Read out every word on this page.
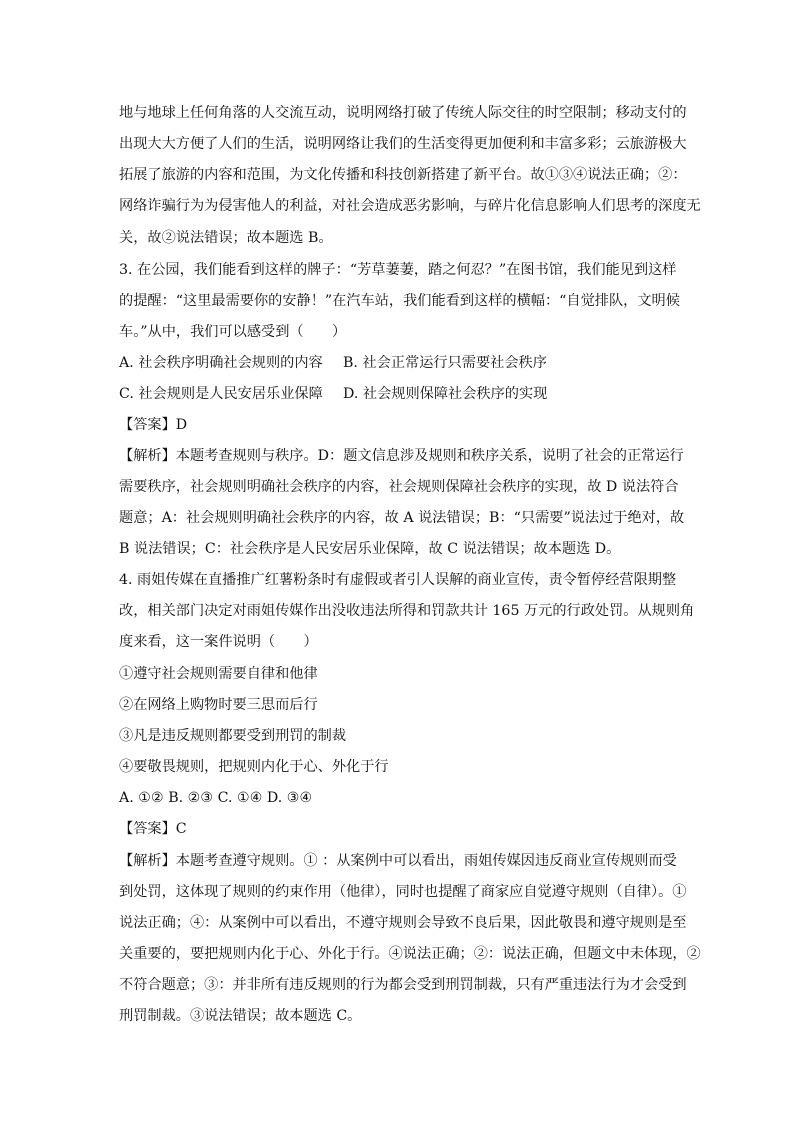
地与地球上任何角落的人交流互动，说明网络打破了传统人际交往的时空限制；移动支付的
出现大大方便了人们的生活，说明网络让我们的生活变得更加便利和丰富多彩；云旅游极大
拓展了旅游的内容和范围，为文化传播和科技创新搭建了新平台。故①③④说法正确；②：
网络诈骗行为为侵害他人的利益，对社会造成恶劣影响，与碎片化信息影响人们思考的深度无
关，故②说法错误；故本题选 B。
3. 在公园，我们能看到这样的牌子：“芳草萋萋，踏之何忍？”在图书馆，我们能见到这样
的提醒：“这里最需要你的安静！”在汽车站，我们能看到这样的横幅：“自觉排队，文明候
车。”从中，我们可以感受到（　　）
A. 社会秩序明确社会规则的内容 B. 社会正常运行只需要社会秩序
C. 社会规则是人民安居乐业保障 D. 社会规则保障社会秩序的实现
【答案】D
【解析】本题考查规则与秩序。D：题文信息涉及规则和秩序关系，说明了社会的正常运行
需要秩序，社会规则明确社会秩序的内容，社会规则保障社会秩序的实现，故 D 说法符合
题意；A：社会规则明确社会秩序的内容，故 A 说法错误；B：“只需要”说法过于绝对，故
B 说法错误；C：社会秩序是人民安居乐业保障，故 C 说法错误；故本题选 D。
4. 雨姐传媒在直播推广红薯粉条时有虚假或者引人误解的商业宣传，责令暂停经营限期整
改，相关部门决定对雨姐传媒作出没收违法所得和罚款共计 165 万元的行政处罚。从规则角
度来看，这一案件说明（　　）
①遵守社会规则需要自律和他律
②在网络上购物时要三思而后行
③凡是违反规则都要受到刑罚的制裁
④要敬畏规则，把规则内化于心、外化于行
A. ①② B. ②③ C. ①④ D. ③④
【答案】C
【解析】本题考查遵守规则。① ：从案例中可以看出，雨姐传媒因违反商业宣传规则而受
到处罚，这体现了规则的约束作用（他律），同时也提醒了商家应自觉遵守规则（自律）。①
说法正确；④：从案例中可以看出，不遵守规则会导致不良后果，因此敬畏和遵守规则是至
关重要的，要把规则内化于心、外化于行。④说法正确；②：说法正确，但题文中未体现，②
不符合题意；③：并非所有违反规则的行为都会受到刑罚制裁，只有严重违法行为才会受到
刑罚制裁。③说法错误；故本题选 C。
